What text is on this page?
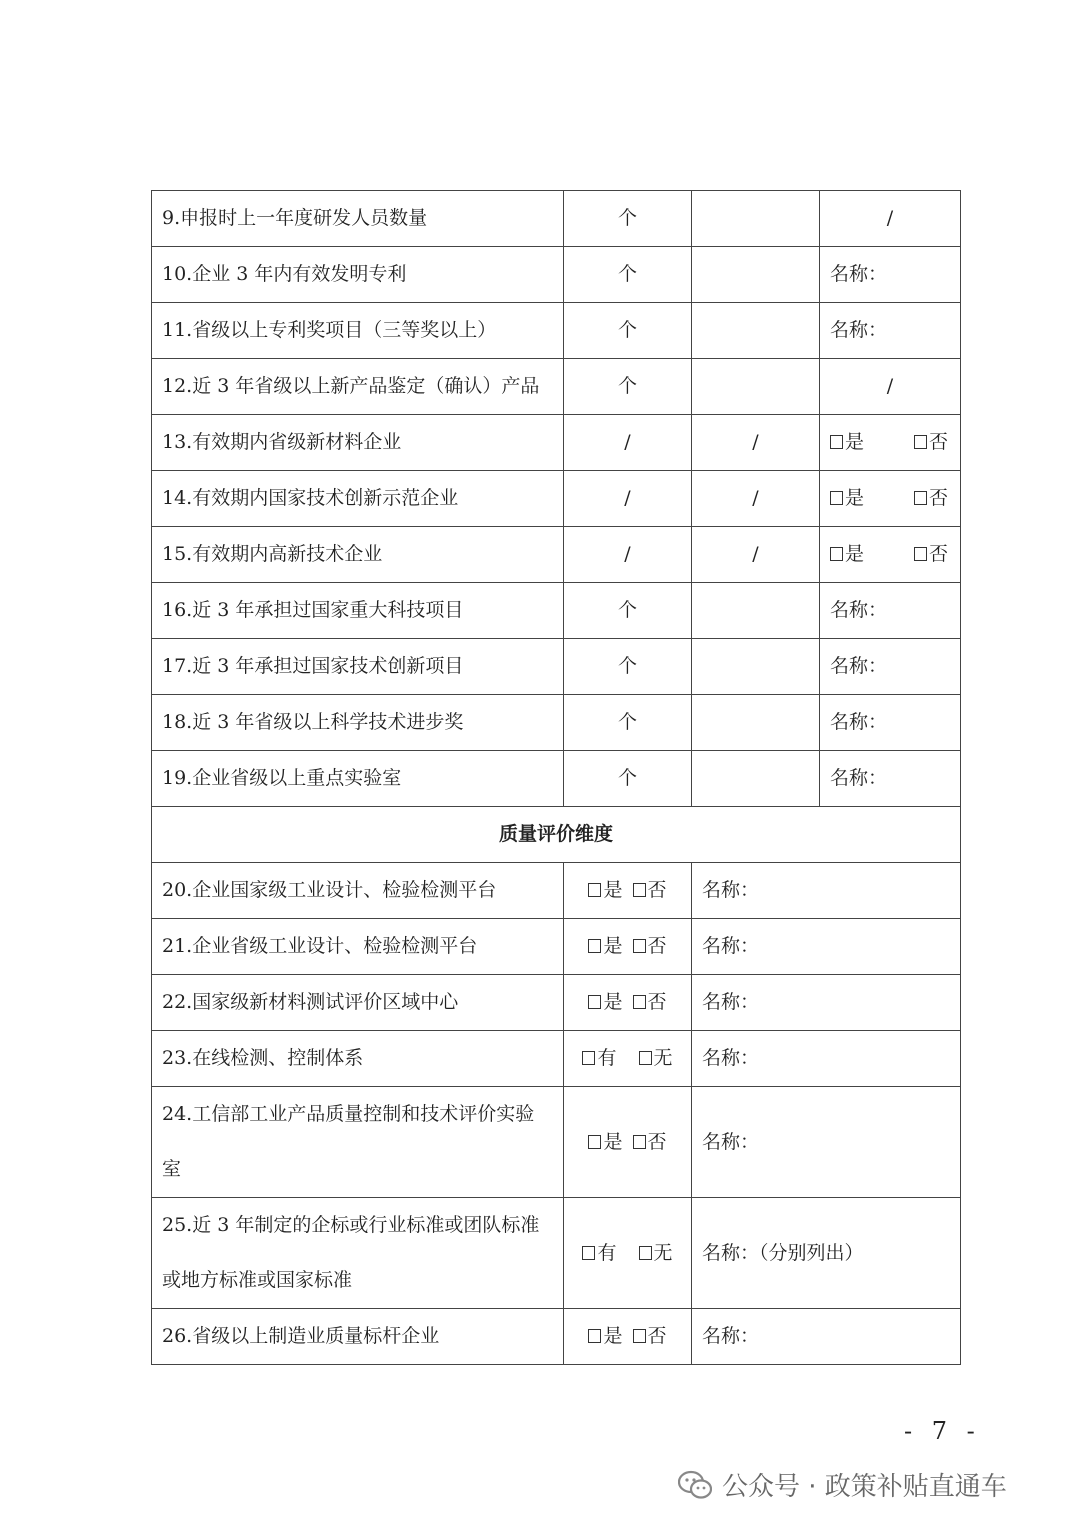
9.申报时上一年度研发人员数量	个		/
10.企业 3 年内有效发明专利	个		名称：
11.省级以上专利奖项目（三等奖以上）	个		名称：
12.近 3 年省级以上新产品鉴定（确认）产品	个		/
13.有效期内省级新材料企业	/	/	是 否

14.有效期内国家技术创新示范企业	/	/	是 否

15.有效期内高新技术企业	/	/	是 否

16.近 3 年承担过国家重大科技项目	个		名称：
17.近 3 年承担过国家技术创新项目	个		名称：
18.近 3 年省级以上科学技术进步奖	个		名称：
19.企业省级以上重点实验室	个		名称：
质量评价维度			
20.企业国家级工业设计、检验检测平台	是 否	名称：	
21.企业省级工业设计、检验检测平台	是 否	名称：	
22.国家级新材料测试评价区域中心	是 否	名称：	
23.在线检测、控制体系	有 无	名称：	

24.工信部工业产品质量控制和技术评价实验
室	是 否	名称：	

25.近 3 年制定的企标或行业标准或团队标准
或地方标准或国家标准	有 无	名称：（分别列出）	
26.省级以上制造业质量标杆企业	是 否	名称：	
- 7 -
公众号 · 政策补贴直通车
